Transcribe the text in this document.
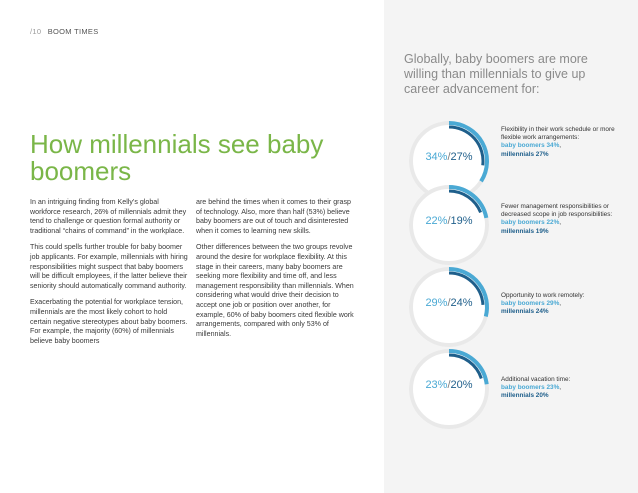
/10 BOOM TIMES
How millennials see baby boomers

In an intriguing finding from Kelly’s global workforce research, 26% of millennials admit they tend to challenge or question formal authority or traditional “chains of command” in the workplace.

This could spells further trouble for baby boomer job applicants. For example, millennials with hiring responsibilities might suspect that baby boomers will be difficult employees, if the latter believe their seniority should automatically command authority.

Exacerbating the potential for workplace tension, millennials are the most likely cohort to hold certain negative stereotypes about baby boomers. For example, the majority (60%) of millennials believe baby boomers

are behind the times when it comes to their grasp of technology. Also, more than half (53%) believe baby boomers are out of touch and disinterested when it comes to learning new skills.

Other differences between the two groups revolve around the desire for workplace flexibility. At this stage in their careers, many baby boomers are seeking more flexibility and time off, and less management responsibility than millennials. When considering what would drive their decision to accept one job or position over another, for example, 60% of baby boomers cited flexible work arrangements, compared with only 53% of millennials.

Globally, baby boomers are more willing than millennials to give up career advancement for:
34%/27%
Flexibility in their work schedule or more flexible work arrangements:
baby boomers 34%,
millennials 27%
22%/19%
Fewer management responsibilities or decreased scope in job responsibilities:
baby boomers 22%,
millennials 19%
29%/24%
Opportunity to work remotely:
baby boomers 29%,
millennials 24%
23%/20%	Additional vacation time:
baby boomers 23%,
millennials 20%
